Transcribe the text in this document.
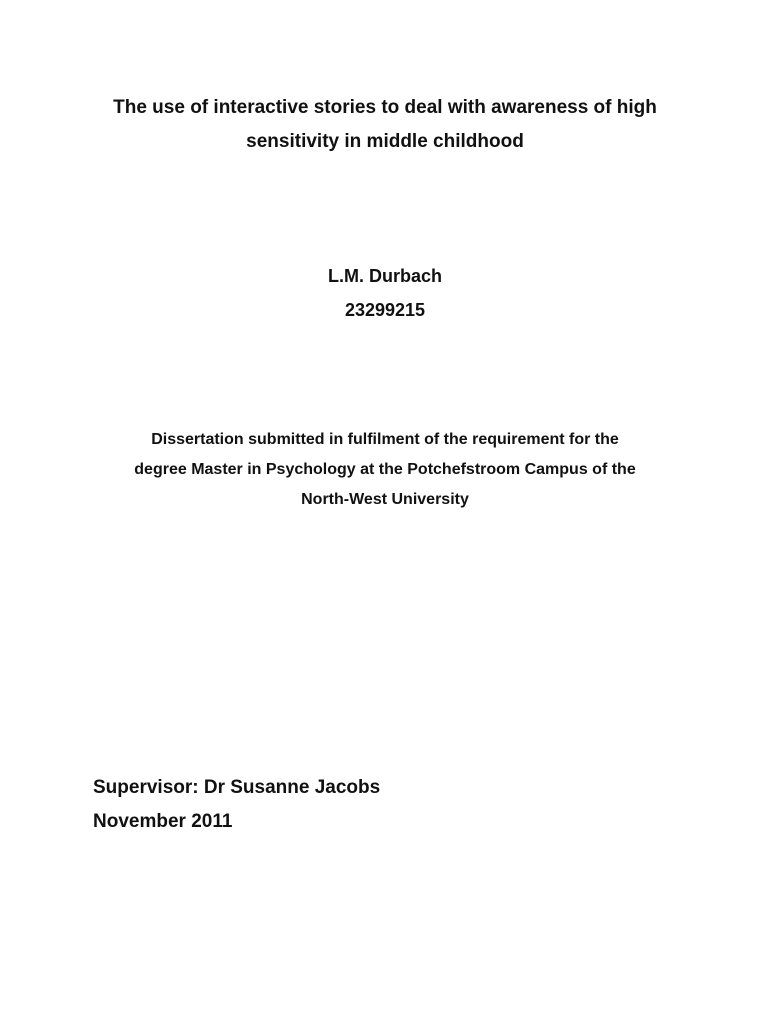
The use of interactive stories to deal with awareness of high
sensitivity in middle childhood
L.M. Durbach
23299215
Dissertation submitted in fulfilment of the requirement for the
degree Master in Psychology at the Potchefstroom Campus of the
North-West University
Supervisor: Dr Susanne Jacobs
November 2011
